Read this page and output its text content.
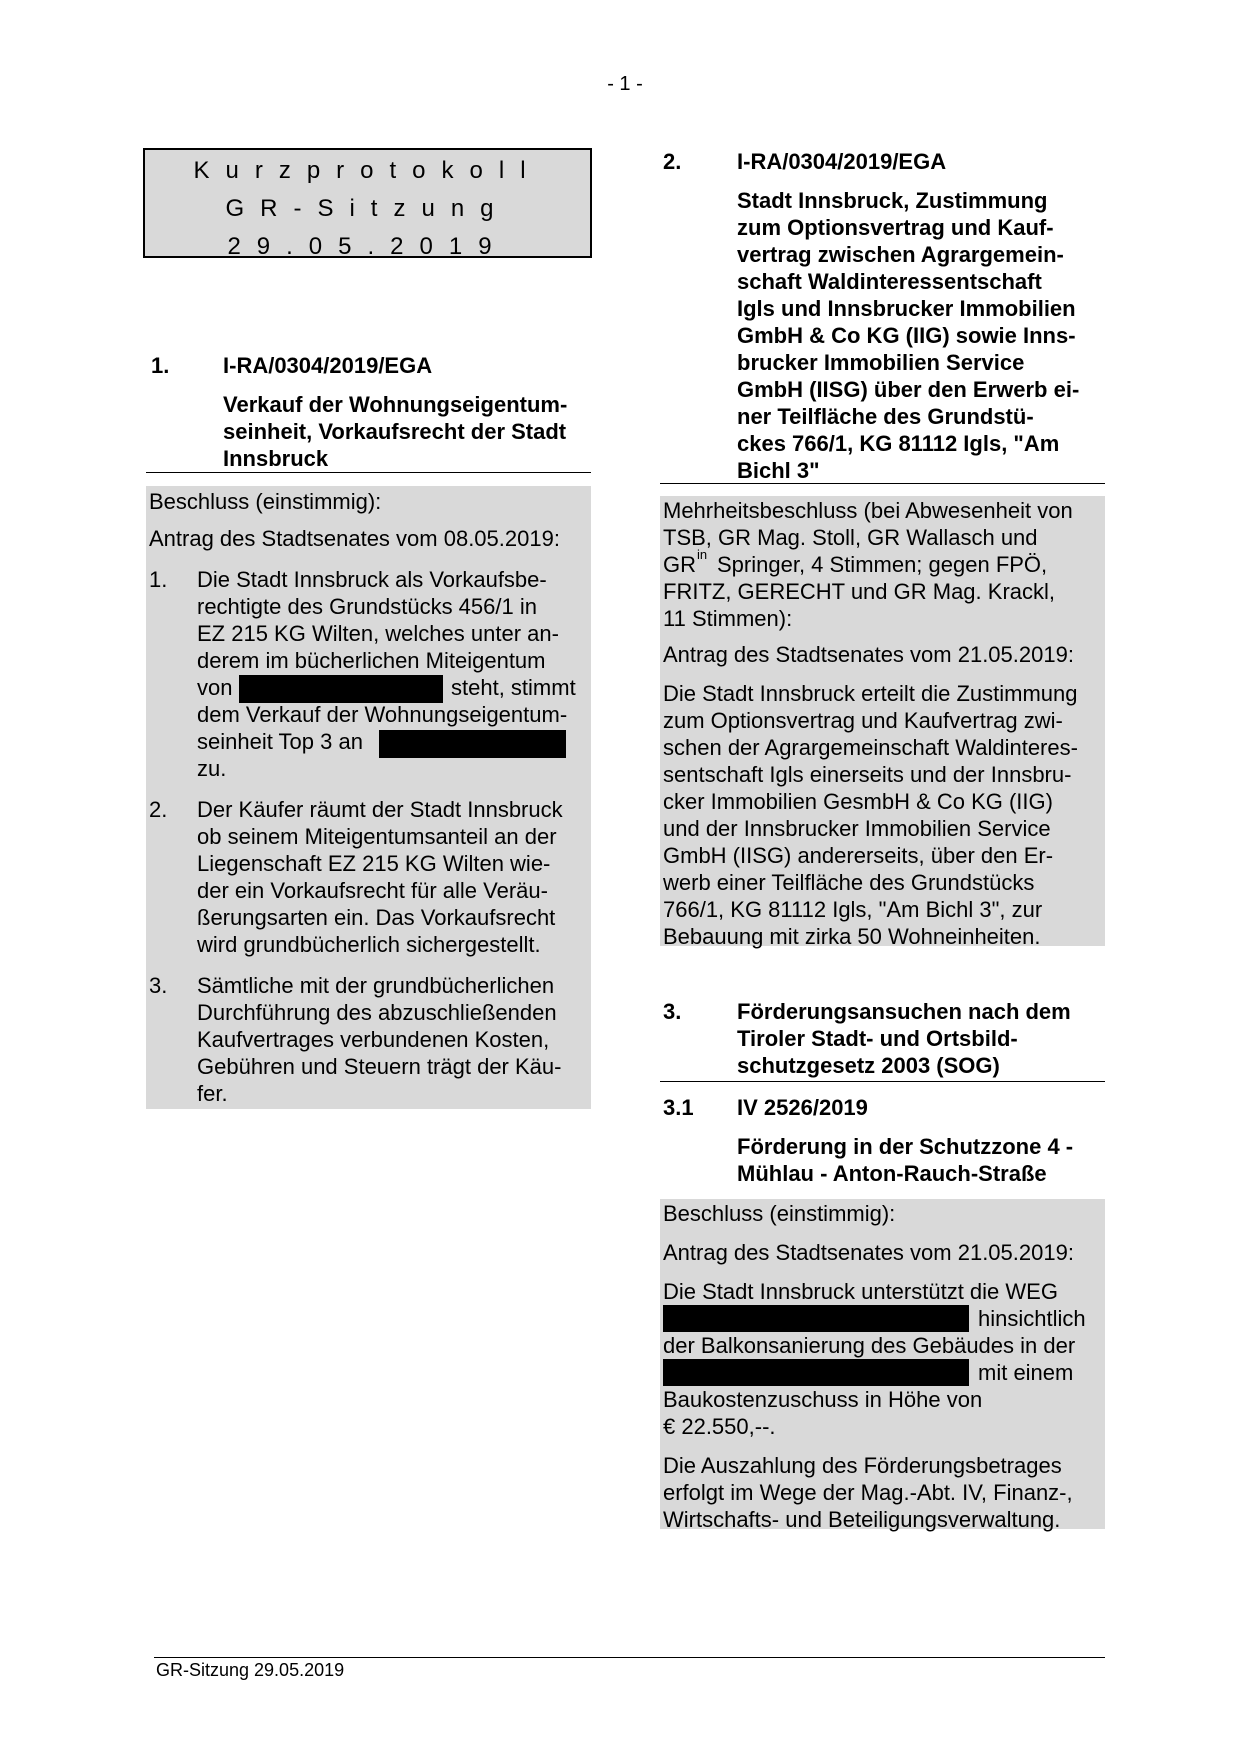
- 1 -
Kurzprotokoll
GR-Sitzung
29.05.2019
1. I-RA/0304/2019/EGA
Verkauf der Wohnungseigentum-
seinheit, Vorkaufsrecht der Stadt
Innsbruck
Beschluss (einstimmig):
Antrag des Stadtsenates vom 08.05.2019:
1. Die Stadt Innsbruck als Vorkaufsbe-
rechtigte des Grundstücks 456/1 in
EZ 215 KG Wilten, welches unter an-
derem im bücherlichen Miteigentum
von	steht, stimmt
dem Verkauf der Wohnungseigentum-
seinheit Top 3 an
zu.
2. Der Käufer räumt der Stadt Innsbruck
ob seinem Miteigentumsanteil an der
Liegenschaft EZ 215 KG Wilten wie-
der ein Vorkaufsrecht für alle Veräu-
ßerungsarten ein. Das Vorkaufsrecht
wird grundbücherlich sichergestellt.
3. Sämtliche mit der grundbücherlichen
Durchführung des abzuschließenden
Kaufvertrages verbundenen Kosten,
Gebühren und Steuern trägt der Käu-
fer.
2.	I-RA/0304/2019/EGA
Stadt Innsbruck, Zustimmung
zum Optionsvertrag und Kauf-
vertrag zwischen Agrargemein-
schaft Waldinteressentschaft
Igls und Innsbrucker Immobilien
GmbH & Co KG (IIG) sowie Inns-
brucker Immobilien Service
GmbH (IISG) über den Erwerb ei-
ner Teilfläche des Grundstü-
ckes 766/1, KG 81112 Igls, "Am
Bichl 3"
Mehrheitsbeschluss (bei Abwesenheit von
TSB, GR Mag. Stoll, GR Wallasch und
GR in Springer, 4 Stimmen; gegen FPÖ,
FRITZ, GERECHT und GR Mag. Krackl,
11 Stimmen):
Antrag des Stadtsenates vom 21.05.2019:
Die Stadt Innsbruck erteilt die Zustimmung
zum Optionsvertrag und Kaufvertrag zwi-
schen der Agrargemeinschaft Waldinteres-
sentschaft Igls einerseits und der Innsbru-
cker Immobilien GesmbH & Co KG (IIG)
und der Innsbrucker Immobilien Service
GmbH (IISG) andererseits, über den Er-
werb einer Teilfläche des Grundstücks
766/1, KG 81112 Igls, "Am Bichl 3", zur
Bebauung mit zirka 50 Wohneinheiten.
3.	Förderungsansuchen nach dem
Tiroler Stadt- und Ortsbild-
schutzgesetz 2003 (SOG)
3.1 IV 2526/2019
Förderung in der Schutzzone 4 -
Mühlau - Anton-Rauch-Straße
Beschluss (einstimmig):
Antrag des Stadtsenates vom 21.05.2019:
Die Stadt Innsbruck unterstützt die WEG
hinsichtlich
der Balkonsanierung des Gebäudes in der
mit einem
Baukostenzuschuss in Höhe von
€ 22.550,--.
Die Auszahlung des Förderungsbetrages
erfolgt im Wege der Mag.-Abt. IV, Finanz-,
Wirtschafts- und Beteiligungsverwaltung.
GR-Sitzung 29.05.2019
